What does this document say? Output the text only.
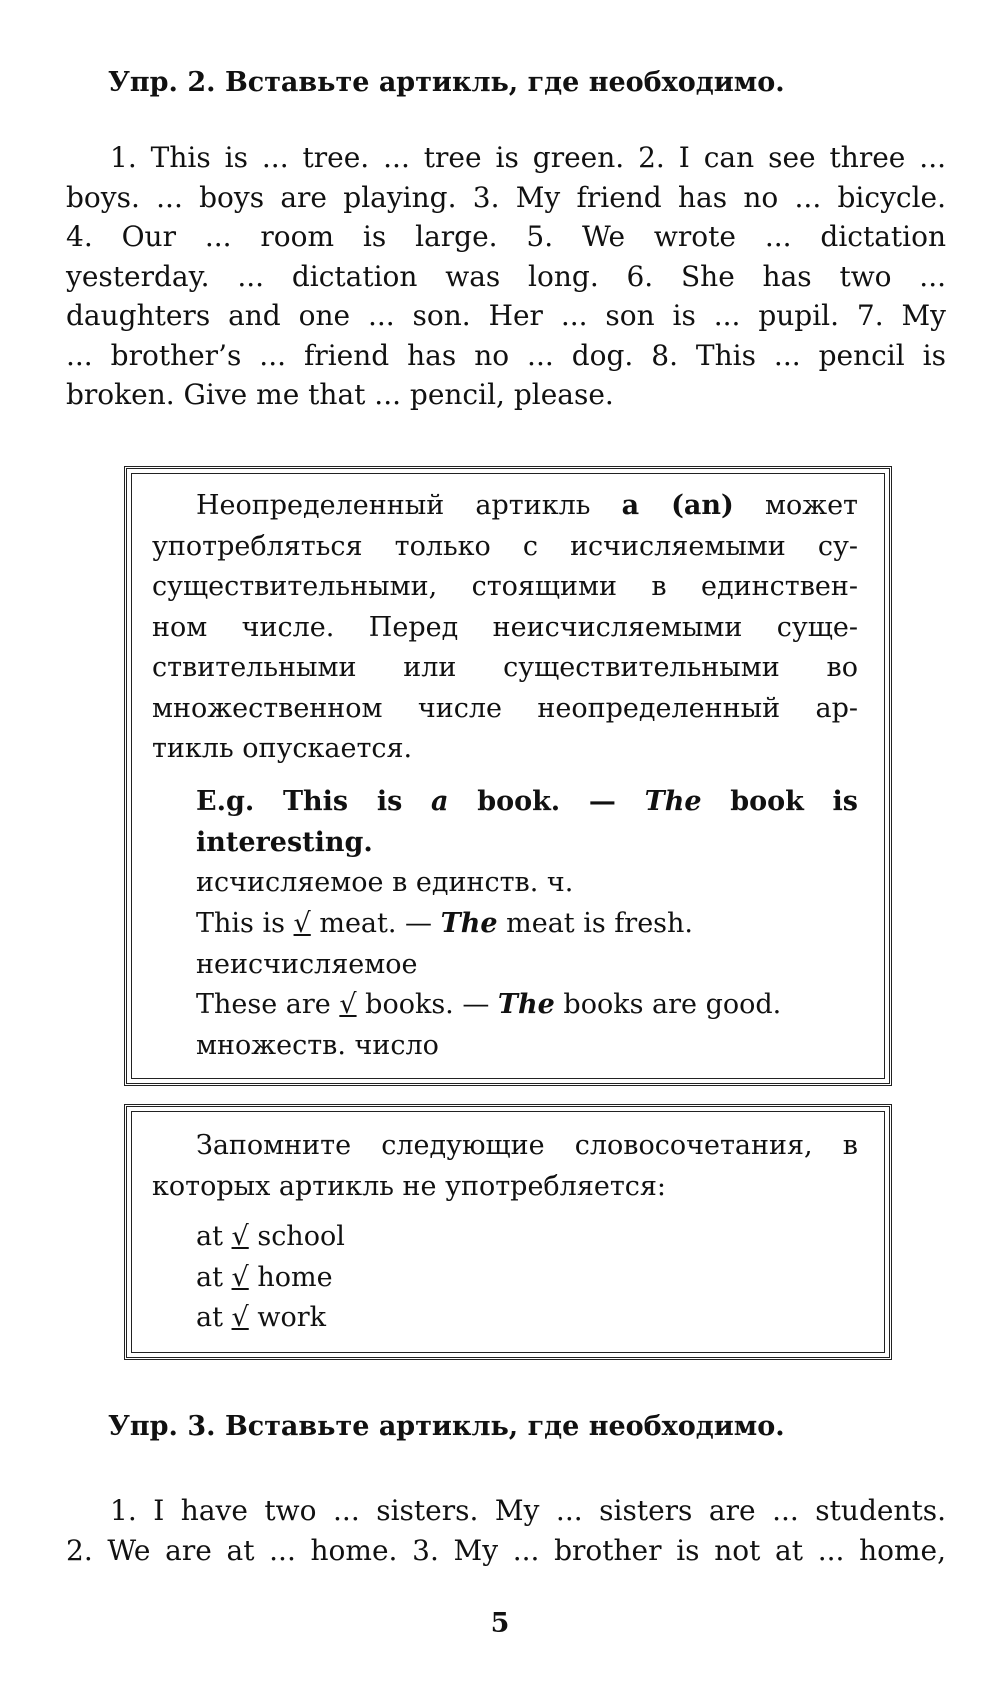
Упр. 2. Вставьте артикль, где необходимо.
1. This is ... tree. ... tree is green. 2. I can see three ...
boys. ... boys are playing. 3. My friend has no ... bicycle.
4. Our ... room is large. 5. We wrote ... dictation
yesterday. ... dictation was long. 6. She has two ...
daughters and one ... son. Her ... son is ... pupil. 7. My
... brother’s ... friend has no ... dog. 8. This ... pencil is
broken. Give me that ... pencil, please.
Неопределенный артикль a (an) может
употребляться только с исчисляемыми су-
существительными, стоящими в единствен-
ном числе. Перед неисчисляемыми суще-
ствительными или существительными во
множественном числе неопределенный ар-
тикль опускается.
E.g. This is a book. — The book is
interesting.
исчисляемое в единств. ч.
This is √ meat. — The meat is fresh.
неисчисляемое
These are √ books. — The books are good.
множеств. число
Запомните следующие словосочетания, в
которых артикль не употребляется:
at √ school
at √ home
at √ work
Упр. 3. Вставьте артикль, где необходимо.
1. I have two ... sisters. My ... sisters are ... students.
2. We are at ... home. 3. My ... brother is not at ... home,
5
